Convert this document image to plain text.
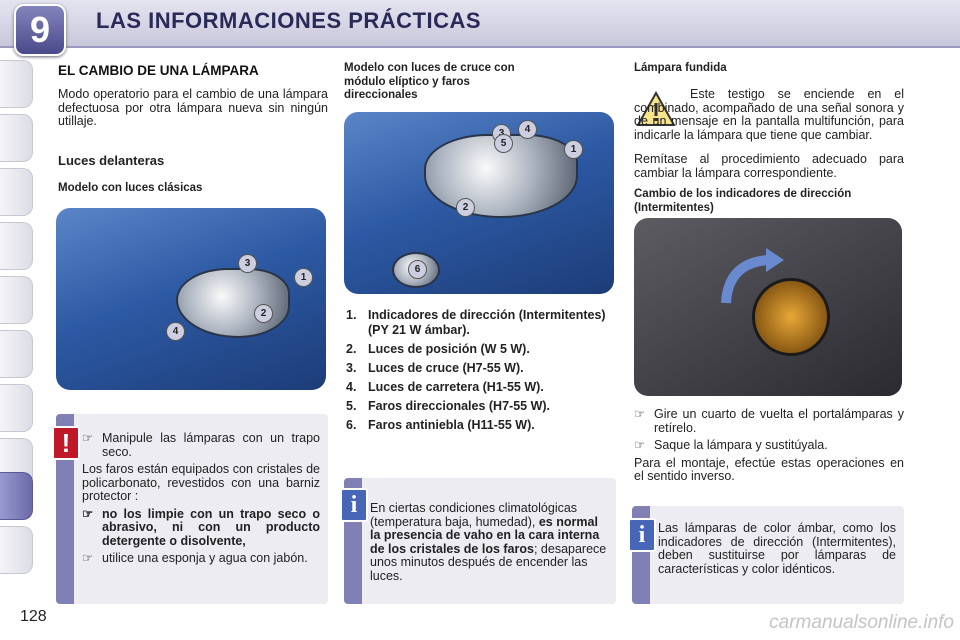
9	LAS INFORMACIONES PRÁCTICAS
EL CAMBIO DE UNA LÁMPARA
Modo operatorio para el cambio de una lámpara defectuosa por otra lámpara nueva sin ningún utillaje.
Luces delanteras
Modelo con luces clásicas
1
2
3
4
! ☞ Manipule las lámparas con un trapo seco.
Los faros están equipados con cristales de policarbonato, revestidos con una barniz protector :
☞ no los limpie con un trapo seco o abrasivo, ni con un producto detergente o disolvente,
☞ utilice una esponja y agua con jabón.
128
Modelo con luces de cruce con módulo elíptico y faros direccionales
1
2
4
5
6
1. Indicadores de dirección (Intermitentes) (PY 21 W ámbar).
2. Luces de posición (W 5 W).
3. Luces de cruce (H7-55 W).
4. Luces de carretera (H1-55 W).
5. Faros direccionales (H7-55 W).
6. Faros antiniebla (H11-55 W).
i	En ciertas condiciones climatológicas (temperatura baja, humedad), es normal la presencia de vaho en la cara interna de los cristales de los faros; desaparece unos minutos después de encender las luces.
Lámpara fundida
Este testigo se enciende en el combinado, acompañado de una señal sonora y de un mensaje en la pantalla multifunción, para indicarle la lámpara que tiene que cambiar.
Remítase al procedimiento adecuado para cambiar la lámpara correspondiente.
Cambio de los indicadores de dirección (Intermitentes)
☞ Gire un cuarto de vuelta el portalámparas y retírelo.
☞ Saque la lámpara y sustitúyala.
Para el montaje, efectúe estas operaciones en el sentido inverso.
i	Las lámparas de color ámbar, como los indicadores de dirección (Intermitentes), deben sustituirse por lámparas de características y color idénticos.
carmanualsonline.info
